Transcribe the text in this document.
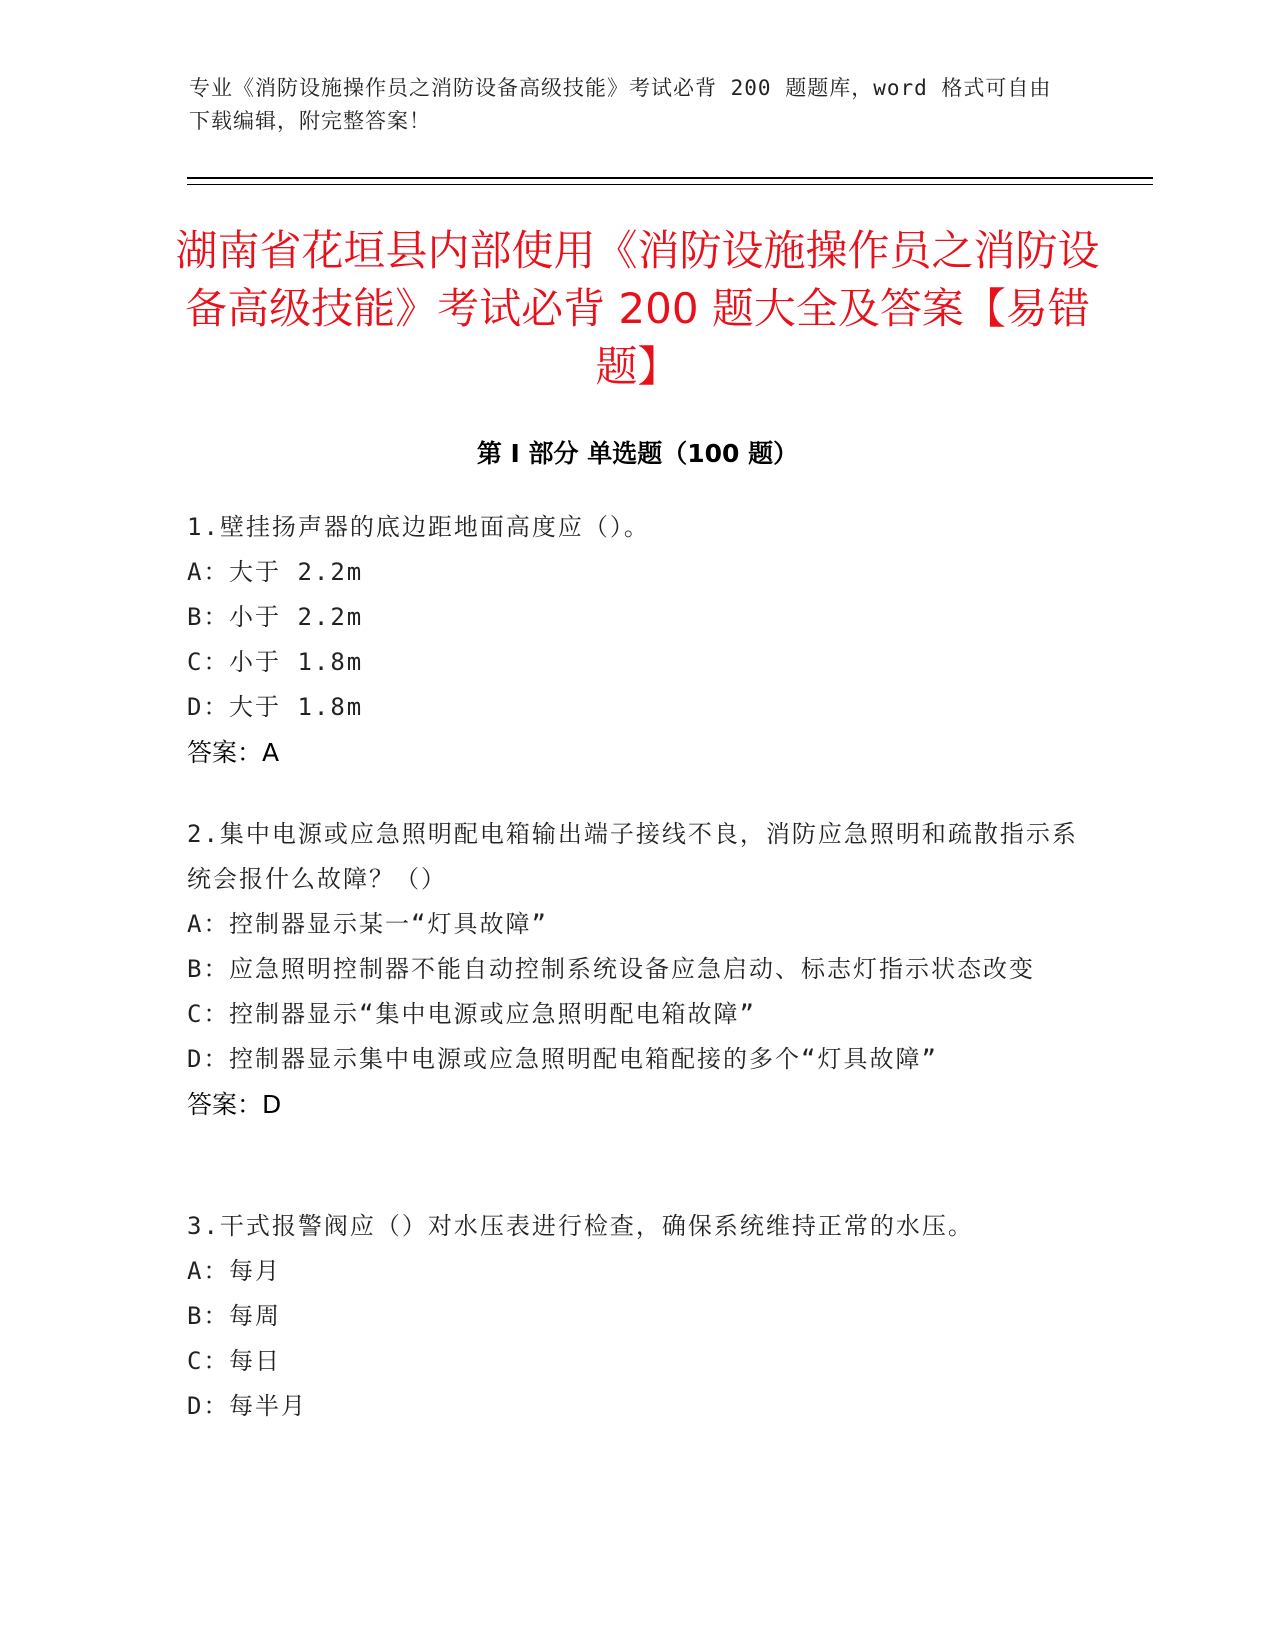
专业《消防设施操作员之消防设备高级技能》考试必背 200 题题库，word 格式可自由下载编辑，附完整答案！
湖南省花垣县内部使用《消防设施操作员之消防设备高级技能》考试必背 200 题大全及答案【易错题】
第 I 部分 单选题（100 题）
1.壁挂扬声器的底边距地面高度应（）。
A：大于 2.2m
B：小于 2.2m
C：小于 1.8m
D：大于 1.8m
答案：A
2.集中电源或应急照明配电箱输出端子接线不良，消防应急照明和疏散指示系统会报什么故障？（）
A：控制器显示某一“灯具故障”
B：应急照明控制器不能自动控制系统设备应急启动、标志灯指示状态改变
C：控制器显示“集中电源或应急照明配电箱故障”
D：控制器显示集中电源或应急照明配电箱配接的多个“灯具故障”
答案：D
3.干式报警阀应（）对水压表进行检查，确保系统维持正常的水压。
A：每月
B：每周
C：每日
D：每半月
